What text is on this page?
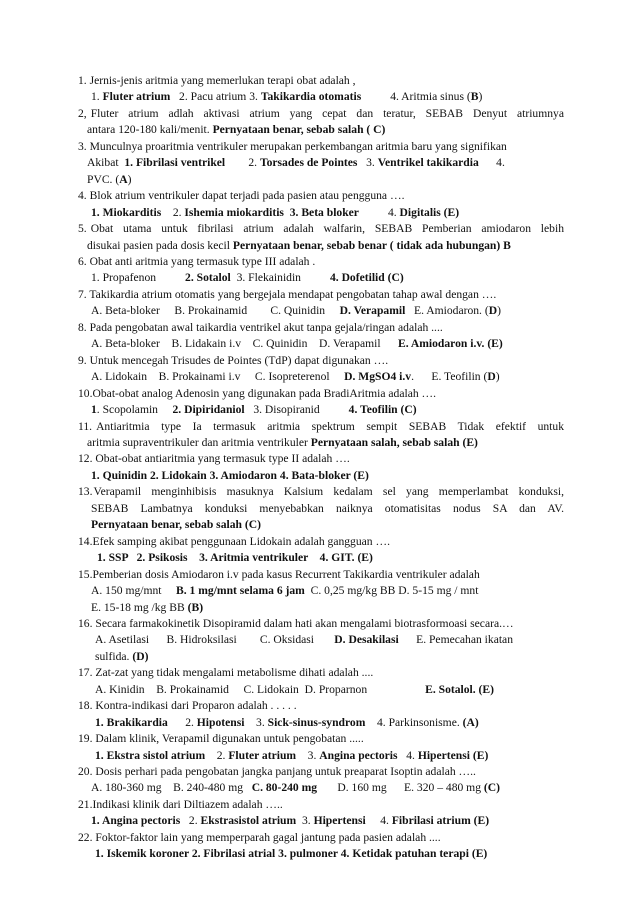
1. Jernis-jenis aritmia yang memerlukan terapi obat adalah ,
1. Fluter atrium   2. Pacu atrium 3. Takikardia otomatis          4. Aritmia sinus (B)
2, Fluter atrium adlah aktivasi atrium yang cepat dan teratur, SEBAB Denyut atriumnya
antara 120-180 kali/menit. Pernyataan benar, sebab salah ( C)
3. Munculnya proaritmia ventrikuler merupakan perkembangan aritmia baru yang signifikan
Akibat  1. Fibrilasi ventrikel        2. Torsades de Pointes   3. Ventrikel takikardia      4.
PVC. (A)
4. Blok atrium ventrikuler dapat terjadi pada pasien atau pengguna ….
1. Miokarditis    2. Ishemia miokarditis  3. Beta bloker          4. Digitalis (E)
5. Obat utama untuk fibrilasi atrium adalah walfarin, SEBAB Pemberian amiodaron lebih
disukai pasien pada dosis kecil Pernyataan benar, sebab benar ( tidak ada hubungan) B
6. Obat anti aritmia yang termasuk type III adalah .
1. Propafenon          2. Sotalol  3. Flekainidin          4. Dofetilid (C)
7. Takikardia atrium otomatis yang bergejala mendapat pengobatan tahap awal dengan ….
A. Beta-bloker     B. Prokainamid        C. Quinidin     D. Verapamil   E. Amiodaron. (D)
8. Pada pengobatan awal taikardia ventrikel akut tanpa gejala/ringan adalah ....
A. Beta-bloker    B. Lidakain i.v    C. Quinidin    D. Verapamil      E. Amiodaron i.v. (E)
9. Untuk mencegah Trisudes de Pointes (TdP) dapat digunakan ….
A. Lidokain    B. Prokainami i.v     C. Isopreterenol     D. MgSO4 i.v.      E. Teofilin (D)
10.Obat-obat analog Adenosin yang digunakan pada BradiAritmia adalah ….
1. Scopolamin     2. Dipiridaniol   3. Disopiranid          4. Teofilin (C)
11. Antiaritmia type Ia termasuk aritmia spektrum sempit SEBAB Tidak efektif untuk
aritmia supraventrikuler dan aritmia ventrikuler Pernyataan salah, sebab salah (E)
12. Obat-obat antiaritmia yang termasuk type II adalah ….
1. Quinidin 2. Lidokain 3. Amiodaron 4. Bata-bloker (E)
13. Verapamil menginhibisis masuknya Kalsium kedalam sel yang memperlambat konduksi,
SEBAB Lambatnya konduksi menyebabkan naiknya otomatisitas nodus SA dan AV.
Pernyataan benar, sebab salah (C)
14.Efek samping akibat penggunaan Lidokain adalah gangguan ….
1. SSP   2. Psikosis    3. Aritmia ventrikuler    4. GIT. (E)
15.Pemberian dosis Amiodaron i.v pada kasus Recurrent Takikardia ventrikuler adalah
A. 150 mg/mnt     B. 1 mg/mnt selama 6 jam  C. 0,25 mg/kg BB D. 5-15 mg / mnt
E. 15-18 mg /kg BB (B)
16. Secara farmakokinetik Disopiramid dalam hati akan mengalami biotrasformoasi secara.…
A. Asetilasi      B. Hidroksilasi        C. Oksidasi       D. Desakilasi      E. Pemecahan ikatan
sulfida. (D)
17. Zat-zat yang tidak mengalami metabolisme dihati adalah ....
A. Kinidin    B. Prokainamid     C. Lidokain  D. Proparnon                    E. Sotalol. (E)
18. Kontra-indikasi dari Proparon adalah . . . . .
1. Brakikardia      2. Hipotensi    3. Sick-sinus-syndrom    4. Parkinsonisme. (A)
19. Dalam klinik, Verapamil digunakan untuk pengobatan .....
1. Ekstra sistol atrium    2. Fluter atrium    3. Angina pectoris   4. Hipertensi (E)
20. Dosis perhari pada pengobatan jangka panjang untuk preaparat Isoptin adalah …..
A. 180-360 mg    B. 240-480 mg   C. 80-240 mg       D. 160 mg      E. 320 – 480 mg (C)
21.Indikasi klinik dari Diltiazem adalah …..
1. Angina pectoris   2. Ekstrasistol atrium  3. Hipertensi     4. Fibrilasi atrium (E)
22. Foktor-faktor lain yang memperparah gagal jantung pada pasien adalah ....
1. Iskemik koroner 2. Fibrilasi atrial 3. pulmoner 4. Ketidak patuhan terapi (E)
